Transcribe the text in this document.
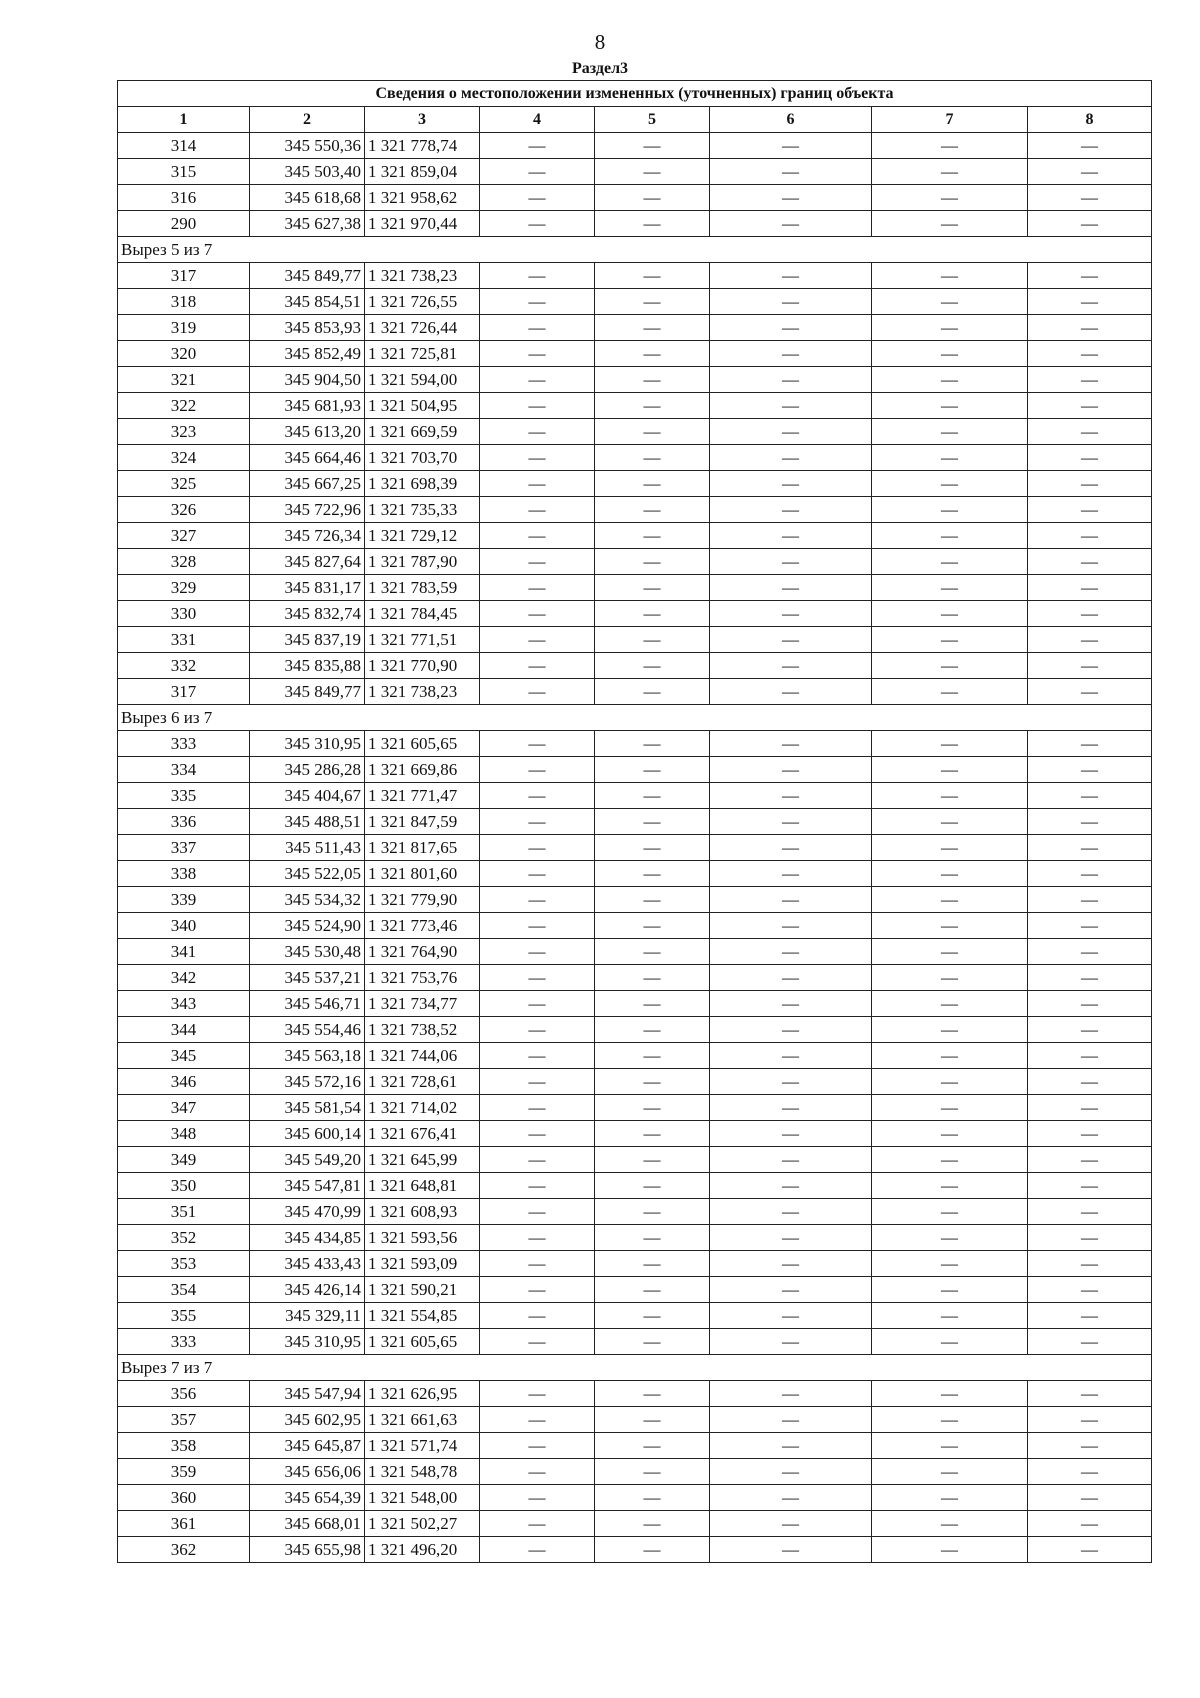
8
Раздел3
Сведения о местоположении измененных (уточненных) границ объекта							
1	2	3	4	5	6	7	8
314	345 550,36	1 321 778,74	—	—	—	—	—
315	345 503,40	1 321 859,04	—	—	—	—	—
316	345 618,68	1 321 958,62	—	—	—	—	—
290	345 627,38	1 321 970,44	—	—	—	—	—
Вырез 5 из 7							
317	345 849,77	1 321 738,23	—	—	—	—	—
318	345 854,51	1 321 726,55	—	—	—	—	—
319	345 853,93	1 321 726,44	—	—	—	—	—
320	345 852,49	1 321 725,81	—	—	—	—	—
321	345 904,50	1 321 594,00	—	—	—	—	—
322	345 681,93	1 321 504,95	—	—	—	—	—
323	345 613,20	1 321 669,59	—	—	—	—	—
324	345 664,46	1 321 703,70	—	—	—	—	—
325	345 667,25	1 321 698,39	—	—	—	—	—
326	345 722,96	1 321 735,33	—	—	—	—	—
327	345 726,34	1 321 729,12	—	—	—	—	—
328	345 827,64	1 321 787,90	—	—	—	—	—
329	345 831,17	1 321 783,59	—	—	—	—	—
330	345 832,74	1 321 784,45	—	—	—	—	—
331	345 837,19	1 321 771,51	—	—	—	—	—
332	345 835,88	1 321 770,90	—	—	—	—	—
317	345 849,77	1 321 738,23	—	—	—	—	—
Вырез 6 из 7							
333	345 310,95	1 321 605,65	—	—	—	—	—
334	345 286,28	1 321 669,86	—	—	—	—	—
335	345 404,67	1 321 771,47	—	—	—	—	—
336	345 488,51	1 321 847,59	—	—	—	—	—
337	345 511,43	1 321 817,65	—	—	—	—	—
338	345 522,05	1 321 801,60	—	—	—	—	—
339	345 534,32	1 321 779,90	—	—	—	—	—
340	345 524,90	1 321 773,46	—	—	—	—	—
341	345 530,48	1 321 764,90	—	—	—	—	—
342	345 537,21	1 321 753,76	—	—	—	—	—
343	345 546,71	1 321 734,77	—	—	—	—	—
344	345 554,46	1 321 738,52	—	—	—	—	—
345	345 563,18	1 321 744,06	—	—	—	—	—
346	345 572,16	1 321 728,61	—	—	—	—	—
347	345 581,54	1 321 714,02	—	—	—	—	—
348	345 600,14	1 321 676,41	—	—	—	—	—
349	345 549,20	1 321 645,99	—	—	—	—	—
350	345 547,81	1 321 648,81	—	—	—	—	—
351	345 470,99	1 321 608,93	—	—	—	—	—
352	345 434,85	1 321 593,56	—	—	—	—	—
353	345 433,43	1 321 593,09	—	—	—	—	—
354	345 426,14	1 321 590,21	—	—	—	—	—
355	345 329,11	1 321 554,85	—	—	—	—	—
333	345 310,95	1 321 605,65	—	—	—	—	—
Вырез 7 из 7							
356	345 547,94	1 321 626,95	—	—	—	—	—
357	345 602,95	1 321 661,63	—	—	—	—	—
358	345 645,87	1 321 571,74	—	—	—	—	—
359	345 656,06	1 321 548,78	—	—	—	—	—
360	345 654,39	1 321 548,00	—	—	—	—	—
361	345 668,01	1 321 502,27	—	—	—	—	—
362	345 655,98	1 321 496,20	—	—	—	—	—
